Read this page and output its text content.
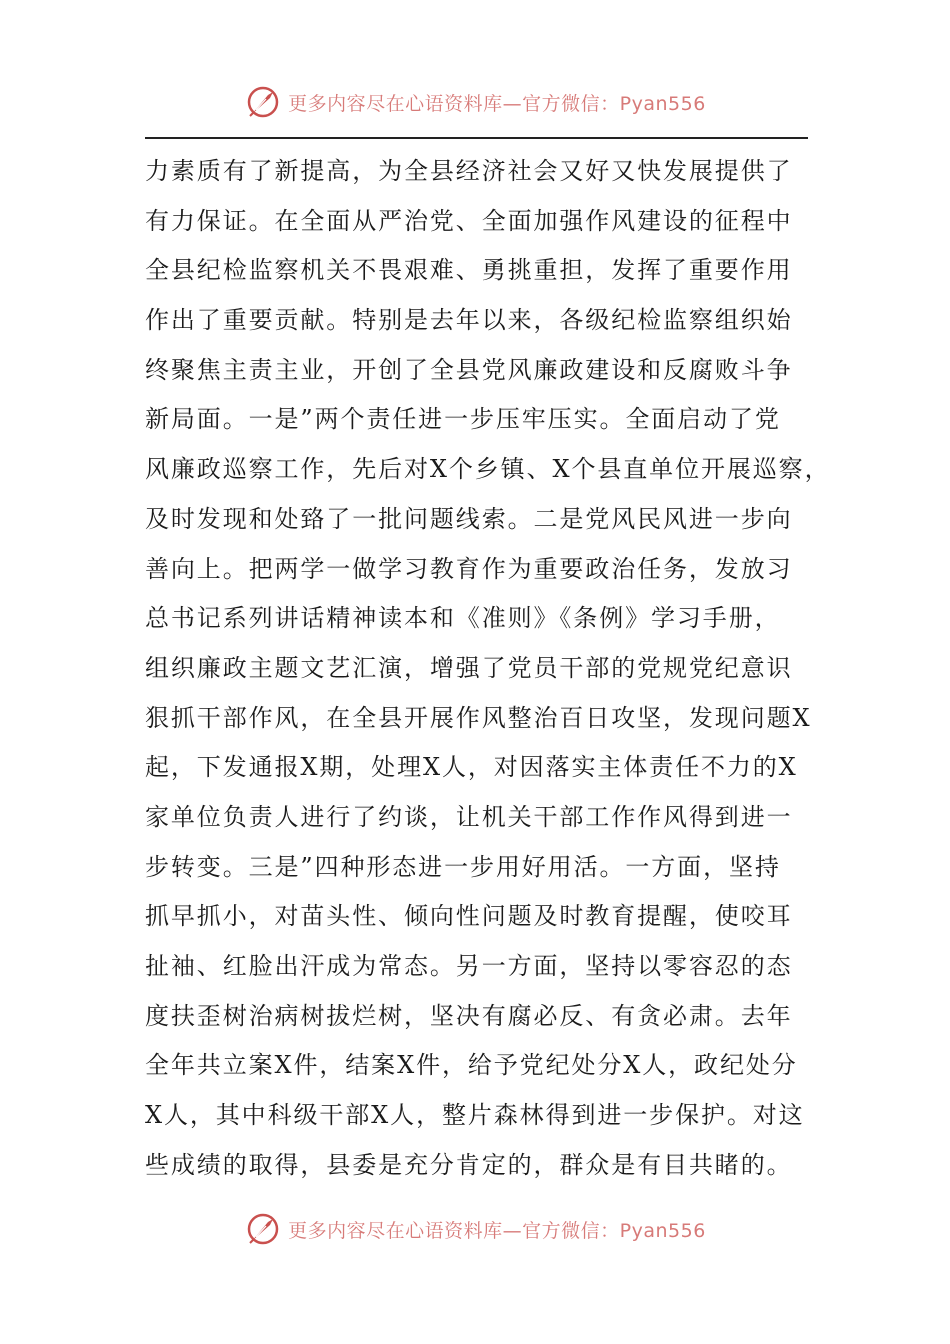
更多内容尽在心语资料库—官方微信：Pyan556
力素质有了新提高，为全县经济社会又好又快发展提供了
有力保证。在全面从严治党、全面加强作风建设的征程中
全县纪检监察机关不畏艰难、勇挑重担，发挥了重要作用
作出了重要贡献。特别是去年以来，各级纪检监察组织始
终聚焦主责主业，开创了全县党风廉政建设和反腐败斗争
新局面。一是”两个责任进一步压牢压实。全面启动了党
风廉政巡察工作，先后对X个乡镇、X个县直单位开展巡察，
及时发现和处臵了一批问题线索。二是党风民风进一步向
善向上。把两学一做学习教育作为重要政治任务，发放习
总书记系列讲话精神读本和《准则》《条例》学习手册，
组织廉政主题文艺汇演，增强了党员干部的党规党纪意识
狠抓干部作风，在全县开展作风整治百日攻坚，发现问题X
起，下发通报X期，处理X人，对因落实主体责任不力的X
家单位负责人进行了约谈，让机关干部工作作风得到进一
步转变。三是”四种形态进一步用好用活。一方面，坚持
抓早抓小，对苗头性、倾向性问题及时教育提醒，使咬耳
扯袖、红脸出汗成为常态。另一方面，坚持以零容忍的态
度扶歪树治病树拔烂树，坚决有腐必反、有贪必肃。去年
全年共立案X件，结案X件，给予党纪处分X人，政纪处分
X人，其中科级干部X人，整片森林得到进一步保护。对这
些成绩的取得，县委是充分肯定的，群众是有目共睹的。
更多内容尽在心语资料库—官方微信：Pyan556
